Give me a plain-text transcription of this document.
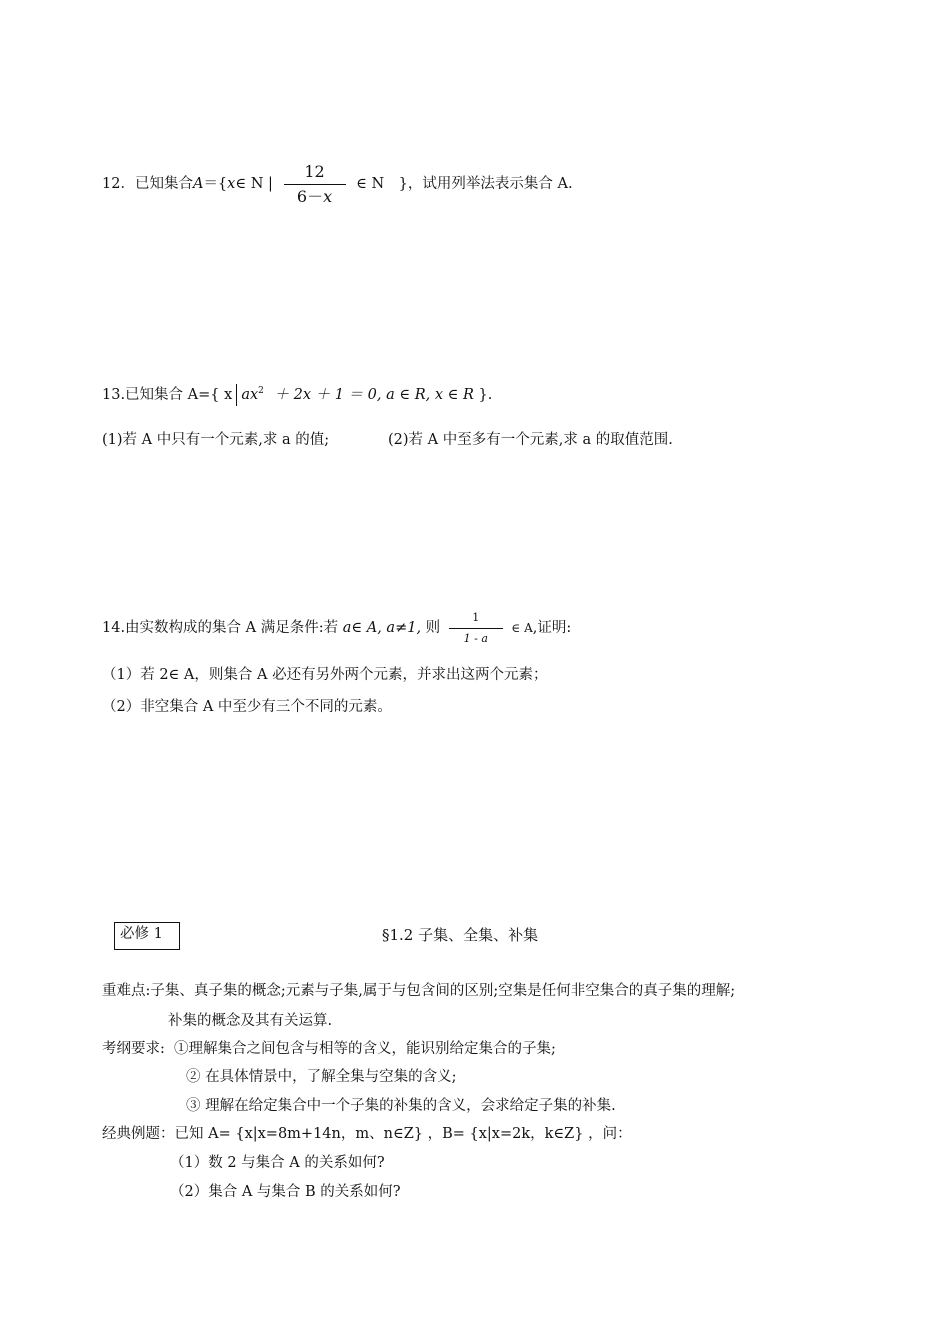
12．已知集合A＝{x∈ N | $\frac{12}{6-x}$ ∈ N　}，试用列举法表示集合 A.
13.已知集合 A={ x $ax^2 + 2x + 1 = 0$, a ∈ R, x ∈ R }.
(1)若 A 中只有一个元素,求 a 的值;	(2)若 A 中至多有一个元素,求 a 的取值范围.
14.由实数构成的集合 A 满足条件:若 a∈ A, a≠1, 则 $\frac{1}{1 - a}$ ∈ A,证明:
（1）若 2∈ A，则集合 A 必还有另外两个元素，并求出这两个元素；
（2）非空集合 A 中至少有三个不同的元素。
必修 1	§1.2 子集、全集、补集
重难点:子集、真子集的概念;元素与子集,属于与包含间的区别;空集是任何非空集合的真子集的理解;
补集的概念及其有关运算.
考纲要求: ①理解集合之间包含与相等的含义，能识别给定集合的子集;
② 在具体情景中，了解全集与空集的含义;
③ 理解在给定集合中一个子集的补集的含义，会求给定子集的补集.
经典例题：已知 A= {x|x=8m+14n，m、n∈Z} ，B= {x|x=2k，k∈Z} ，问：
（1）数 2 与集合 A 的关系如何?
（2）集合 A 与集合 B 的关系如何?
